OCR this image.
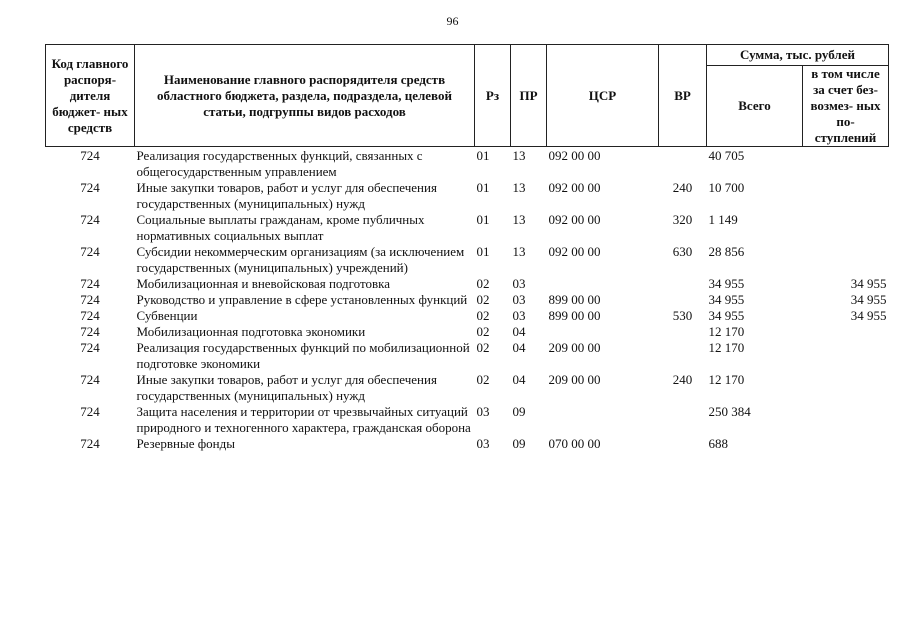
96
Код главного распоря- дителя бюджет- ных средств	Наименование главного распорядителя средств областного бюджета, раздела, подраздела, целевой статьи, подгруппы видов расходов	Рз	ПР	ЦСР	ВР	Сумма, тыс. рублей	
						Всего	в том числе за счет без- возмез- ных по- ступлений
724	Реализация государственных функций, связанных с общегосударственным управлением	01	13	092 00 00		40 705	
724	Иные закупки товаров, работ и услуг для обеспечения государственных (муниципальных) нужд	01	13	092 00 00	240	10 700	
724	Социальные выплаты гражданам, кроме публичных нормативных социальных выплат	01	13	092 00 00	320	1 149	
724	Субсидии некоммерческим организациям (за исключением государственных (муниципальных) учреждений)	01	13	092 00 00	630	28 856	
724	Мобилизационная и вневойсковая подготовка	02	03			34 955	34 955
724	Руководство и управление в сфере установленных функций	02	03	899 00 00		34 955	34 955
724	Субвенции	02	03	899 00 00	530	34 955	34 955
724	Мобилизационная подготовка экономики	02	04			12 170	
724	Реализация государственных функций по мобилизационной подготовке экономики	02	04	209 00 00		12 170	
724	Иные закупки товаров, работ и услуг для обеспечения государственных (муниципальных) нужд	02	04	209 00 00	240	12 170	
724	Защита населения и территории от чрезвычайных ситуаций природного и техногенного характера, гражданская оборона	03	09			250 384	
724	Резервные фонды	03	09	070 00 00		688	
